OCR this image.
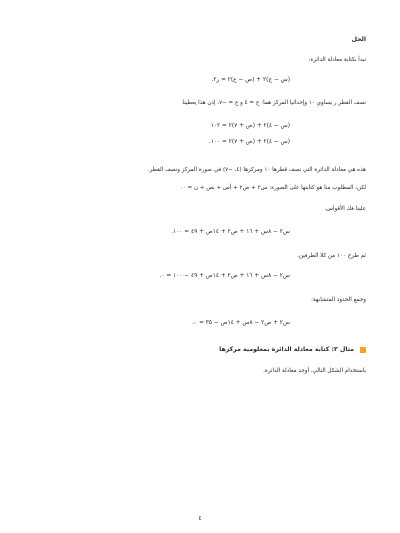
الحل
نبدأ بكتابة معادلة الدائرة:
(س − ج)٢ + (ص − ع)٢ = ر٢.
نصف القطر ر يساوي ١٠ وإحداثيا المركز هما: ج = ٤ و ع = −٧، إذن هذا يعطينا
(س − ٤)٢ + (ص + ٧)٢ = ١٠٢
(س − ٤)٢ + (ص + ٧)٢ = ١٠٠.
هذه هي معادلة الدائرة التي نصف قطرها ١٠ ومركزها (٤، −٧) في صورة المركز ونصف القطر.
لكن، المطلوب منا هو كتابتها على الصورة: س٢ + ص٢ + أس + بص + ن = ٠.
علينا فك الأقواس.
س٢ − ٨س + ١٦ + ص٢ + ١٤ص + ٤٩ = ١٠٠.
ثم طرح ١٠٠ من كلا الطرفين.
س٢ − ٨س + ١٦ + ص٢ + ١٤ص + ٤٩ − ١٠٠ = ٠.
وجمع الحدود المتشابهة:
س٢ + ص٢ − ٨س + ١٤ص − ٣٥ = ٠.
مثال ٢: كتابة معادلة الدائرة بمعلومية مركزها
باستخدام الشكل التالي، أوجد معادلة الدائرة.
٤
